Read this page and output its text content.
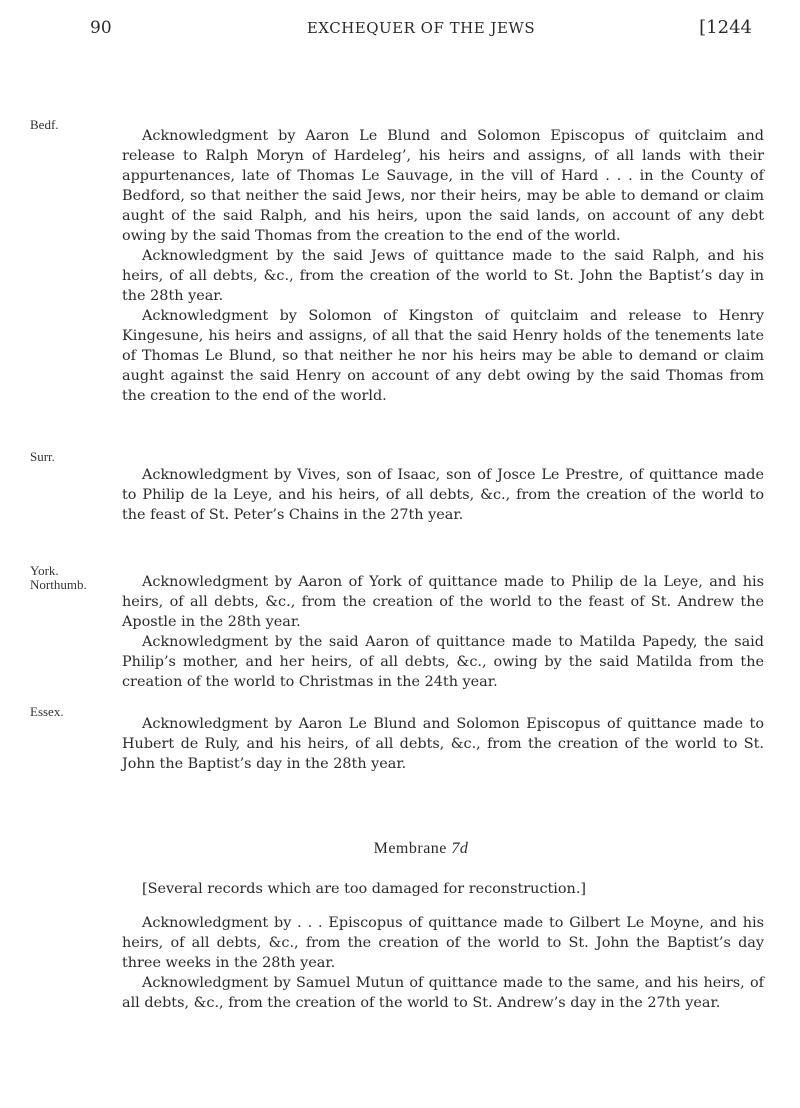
90	EXCHEQUER OF THE JEWS	[1244
Bedf.

Acknowledgment by Aaron Le Blund and Solomon Episcopus of quitclaim and release to Ralph Moryn of Hardeleg’, his heirs and assigns, of all lands with their appurtenances, late of Thomas Le Sauvage, in the vill of Hard . . . in the County of Bedford, so that neither the said Jews, nor their heirs, may be able to demand or claim aught of the said Ralph, and his heirs, upon the said lands, on account of any debt owing by the said Thomas from the creation to the end of the world.

Acknowledgment by the said Jews of quittance made to the said Ralph, and his heirs, of all debts, &c., from the creation of the world to St. John the Baptist’s day in the 28th year.

Acknowledgment by Solomon of Kingston of quitclaim and release to Henry Kingesune, his heirs and assigns, of all that the said Henry holds of the tenements late of Thomas Le Blund, so that neither he nor his heirs may be able to demand or claim aught against the said Henry on account of any debt owing by the said Thomas from the creation to the end of the world.

Surr.

Acknowledgment by Vives, son of Isaac, son of Josce Le Prestre, of quittance made to Philip de la Leye, and his heirs, of all debts, &c., from the creation of the world to the feast of St. Peter’s Chains in the 27th year.

York.
Northumb.	Acknowledgment by Aaron of York of quittance made to Philip de la Leye, and his heirs, of all debts, &c., from the creation of the world to the feast of St. Andrew the Apostle in the 28th year.

Acknowledgment by the said Aaron of quittance made to Matilda Papedy, the said Philip’s mother, and her heirs, of all debts, &c., owing by the said Matilda from the creation of the world to Christmas in the 24th year.

Essex.

Acknowledgment by Aaron Le Blund and Solomon Episcopus of quittance made to Hubert de Ruly, and his heirs, of all debts, &c., from the creation of the world to St. John the Baptist’s day in the 28th year.

Membrane 7d

[Several records which are too damaged for reconstruction.]

Acknowledgment by . . . Episcopus of quittance made to Gilbert Le Moyne, and his heirs, of all debts, &c., from the creation of the world to St. John the Baptist’s day three weeks in the 28th year.

Acknowledgment by Samuel Mutun of quittance made to the same, and his heirs, of all debts, &c., from the creation of the world to St. Andrew’s day in the 27th year.
